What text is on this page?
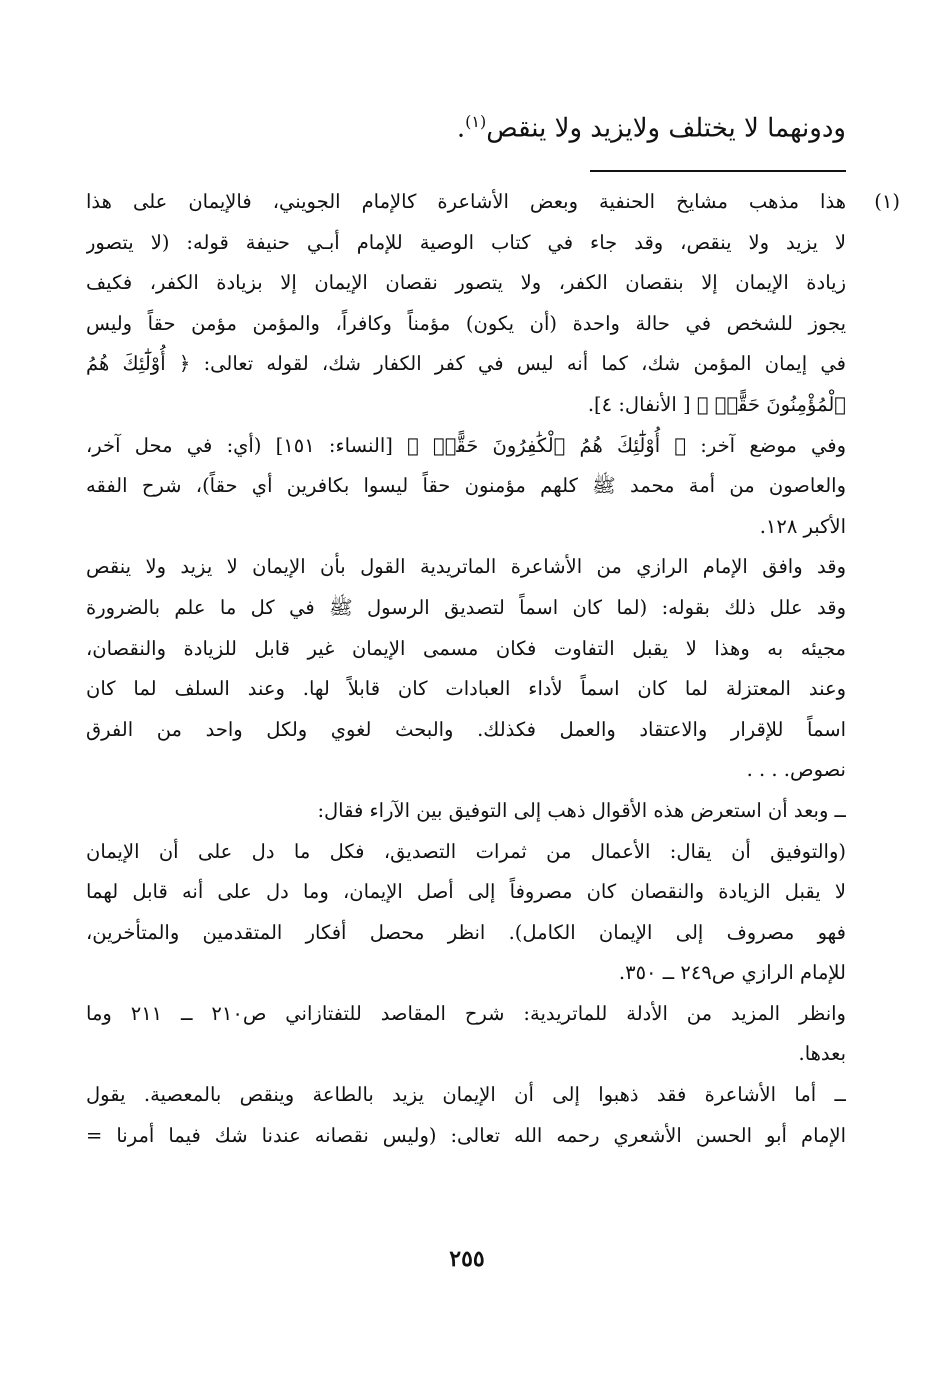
ودونهما لا يختلف ولايزيد ولا ينقص$^{(١)}$.
(١)هذا مذهب مشايخ الحنفية وبعض الأشاعرة كالإمام الجويني، فالإيمان على هذا
لا يزيد ولا ينقص، وقد جاء في كتاب الوصية للإمام أبـي حنيفة قوله: (لا يتصور
زيادة الإيمان إلا بنقصان الكفر، ولا يتصور نقصان الإيمان إلا بزيادة الكفر، فكيف
يجوز للشخص في حالة واحدة (أن يكون) مؤمناً وكافراً، والمؤمن مؤمن حقاً وليس
في إيمان المؤمن شك، كما أنه ليس في كفر الكفار شك، لقوله تعالى: ﴿ أُوْلَٰٓئِكَ هُمُ
ٱلْمُؤْمِنُونَ حَقًّاۚ ﴾ [ الأنفال: ٤].
وفي موضع آخر: ﴿ أُوْلَٰٓئِكَ هُمُ ٱلْكَٰفِرُونَ حَقًّاۚ ﴾ [النساء: ١٥١] (أي: في محل آخر،
والعاصون من أمة محمد ﷺ كلهم مؤمنون حقاً ليسوا بكافرين أي حقاً)، شرح الفقه
الأكبر ١٢٨.
وقد وافق الإمام الرازي من الأشاعرة الماتريدية القول بأن الإيمان لا يزيد ولا ينقص
وقد علل ذلك بقوله: (لما كان اسماً لتصديق الرسول ﷺ في كل ما علم بالضرورة
مجيئه به وهذا لا يقبل التفاوت فكان مسمى الإيمان غير قابل للزيادة والنقصان،
وعند المعتزلة لما كان اسماً لأداء العبادات كان قابلاً لها. وعند السلف لما كان
اسماً للإقرار والاعتقاد والعمل فكذلك. والبحث لغوي ولكل واحد من الفرق
نصوص. . . .
ــ وبعد أن استعرض هذه الأقوال ذهب إلى التوفيق بين الآراء فقال:
(والتوفيق أن يقال: الأعمال من ثمرات التصديق، فكل ما دل على أن الإيمان
لا يقبل الزيادة والنقصان كان مصروفاً إلى أصل الإيمان، وما دل على أنه قابل لهما
فهو مصروف إلى الإيمان الكامل). انظر محصل أفكار المتقدمين والمتأخرين،
للإمام الرازي ص٢٤٩ ــ ٣٥٠.
وانظر المزيد من الأدلة للماتريدية: شرح المقاصد للتفتازاني ص٢١٠ ــ ٢١١ وما
بعدها.
ــ أما الأشاعرة فقد ذهبوا إلى أن الإيمان يزيد بالطاعة وينقص بالمعصية. يقول
الإمام أبو الحسن الأشعري رحمه الله تعالى: (وليس نقصانه عندنا شك فيما أمرنا =
٢٥٥
